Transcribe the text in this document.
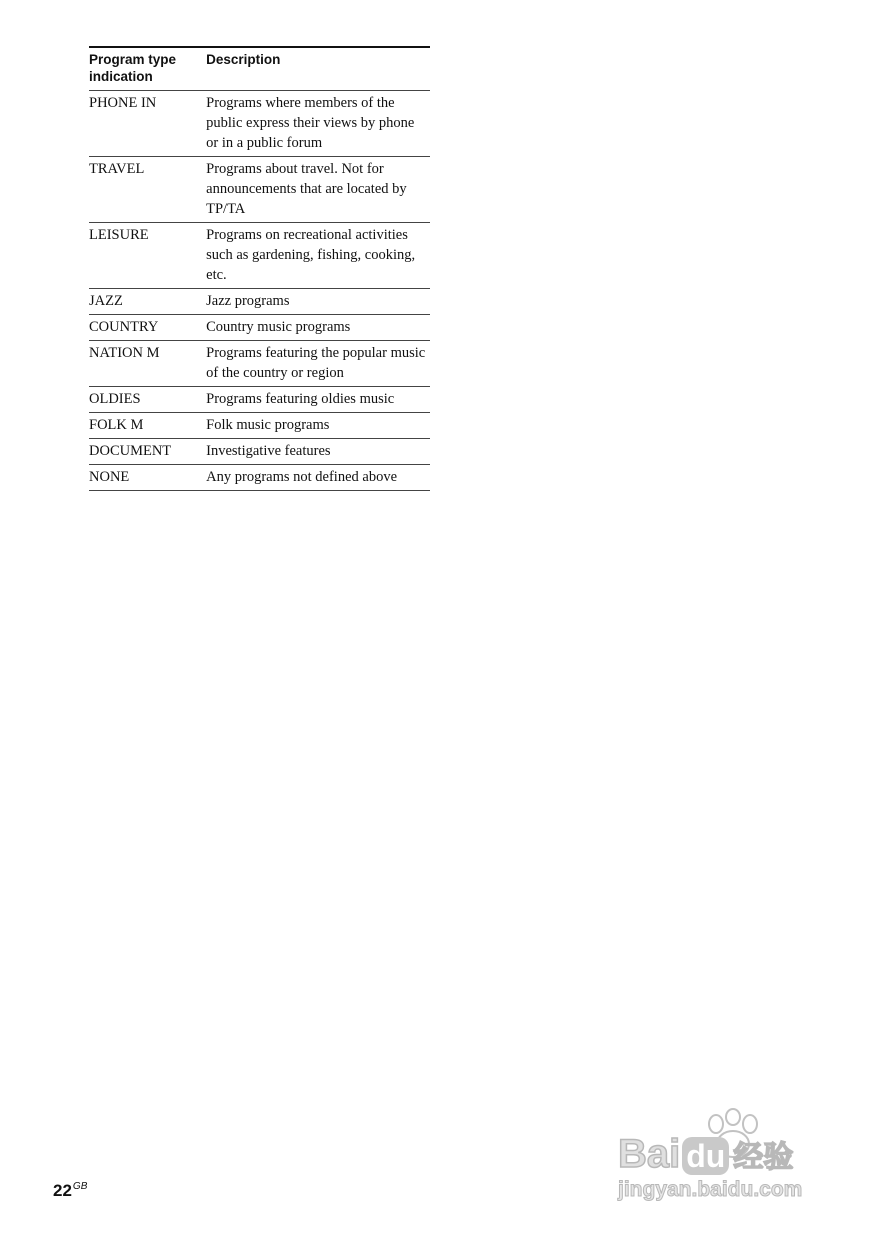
Program type indication	Description
PHONE IN	Programs where members of the public express their views by phone or in a public forum
TRAVEL	Programs about travel. Not for announcements that are located by TP/TA
LEISURE	Programs on recreational activities such as gardening, fishing, cooking, etc.
JAZZ	Jazz programs
COUNTRY	Country music programs
NATION M	Programs featuring the popular music of the country or region
OLDIES	Programs featuring oldies music
FOLK M	Folk music programs
DOCUMENT	Investigative features
NONE	Any programs not defined above
$22^{GB}$
Bai du 经验
jingyan.baidu.com
